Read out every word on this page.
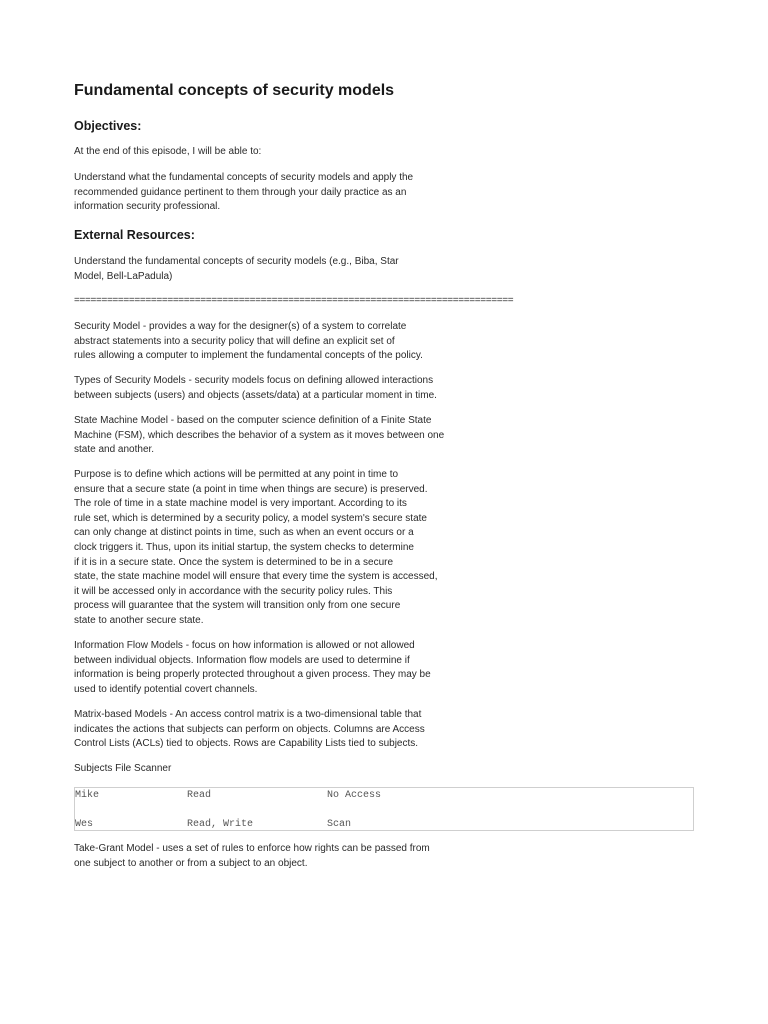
Fundamental concepts of security models
Objectives:

At the end of this episode, I will be able to:

Understand what the fundamental concepts of security models and apply the
recommended guidance pertinent to them through your daily practice as an
information security professional.

External Resources:

Understand the fundamental concepts of security models (e.g., Biba, Star
Model, Bell-LaPadula)

================================================================================

Security Model - provides a way for the designer(s) of a system to correlate
abstract statements into a security policy that will define an explicit set of
rules allowing a computer to implement the fundamental concepts of the policy.

Types of Security Models - security models focus on defining allowed interactions
between subjects (users) and objects (assets/data) at a particular moment in time.

State Machine Model - based on the computer science definition of a Finite State
Machine (FSM), which describes the behavior of a system as it moves between one
state and another.

Purpose is to define which actions will be permitted at any point in time to
ensure that a secure state (a point in time when things are secure) is preserved.
The role of time in a state machine model is very important. According to its
rule set, which is determined by a security policy, a model system's secure state
can only change at distinct points in time, such as when an event occurs or a
clock triggers it. Thus, upon its initial startup, the system checks to determine
if it is in a secure state. Once the system is determined to be in a secure
state, the state machine model will ensure that every time the system is accessed,
it will be accessed only in accordance with the security policy rules. This
process will guarantee that the system will transition only from one secure
state to another secure state.

Information Flow Models - focus on how information is allowed or not allowed
between individual objects. Information flow models are used to determine if
information is being properly protected throughout a given process. They may be
used to identify potential covert channels.

Matrix-based Models - An access control matrix is a two-dimensional table that
indicates the actions that subjects can perform on objects. Columns are Access
Control Lists (ACLs) tied to objects. Rows are Capability Lists tied to subjects.

Subjects File Scanner

Mike	Read	No Access
Wes	Read, Write	Scan

Take-Grant Model - uses a set of rules to enforce how rights can be passed from
one subject to another or from a subject to an object.
